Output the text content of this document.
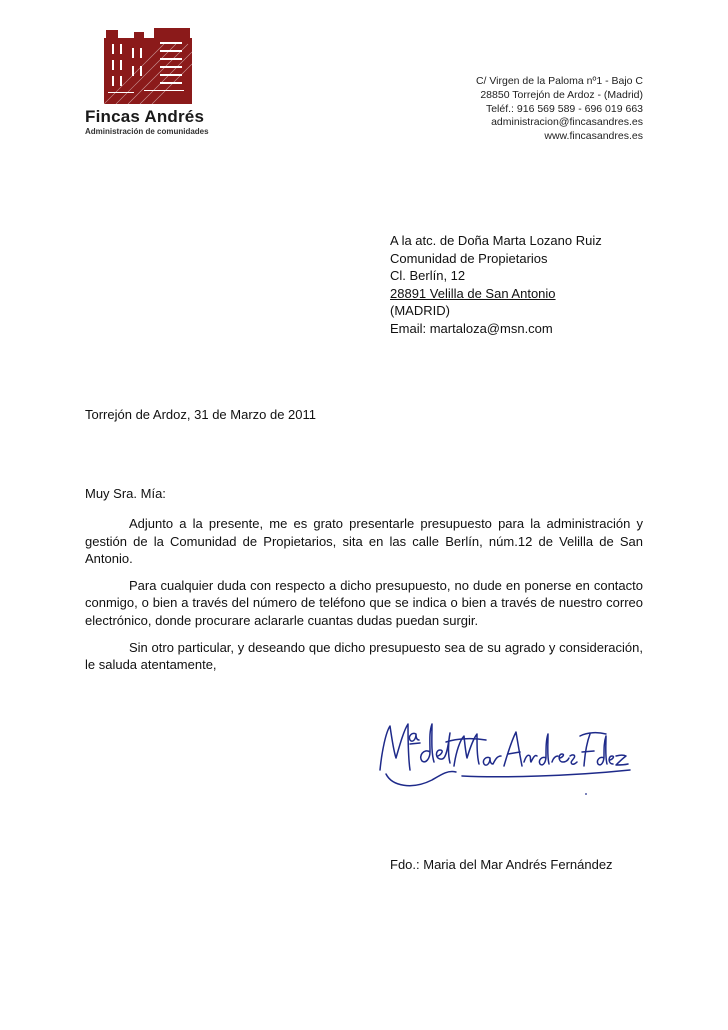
Fincas Andrés
Administración de comunidades
C/ Virgen de la Paloma nº1 - Bajo C
28850 Torrejón de Ardoz - (Madrid)
Teléf.: 916 569 589 - 696 019 663
administracion@fincasandres.es
www.fincasandres.es
A la atc. de Doña Marta Lozano Ruiz
Comunidad de Propietarios
Cl. Berlín, 12
28891 Velilla de San Antonio
(MADRID)
Email: martaloza@msn.com
Torrejón de Ardoz, 31 de Marzo de 2011
Muy Sra. Mía:

Adjunto a la presente, me es grato presentarle presupuesto para la administración y gestión de la Comunidad de Propietarios, sita en las calle Berlín, núm.12 de Velilla de San Antonio.

Para cualquier duda con respecto a dicho presupuesto, no dude en ponerse en contacto conmigo, o bien a través del número de teléfono que se indica o bien a través de nuestro correo electrónico, donde procurare aclararle cuantas dudas puedan surgir.

Sin otro particular, y deseando que dicho presupuesto sea de su agrado y consideración, le saluda atentamente,

Fdo.: Maria del Mar Andrés Fernández
